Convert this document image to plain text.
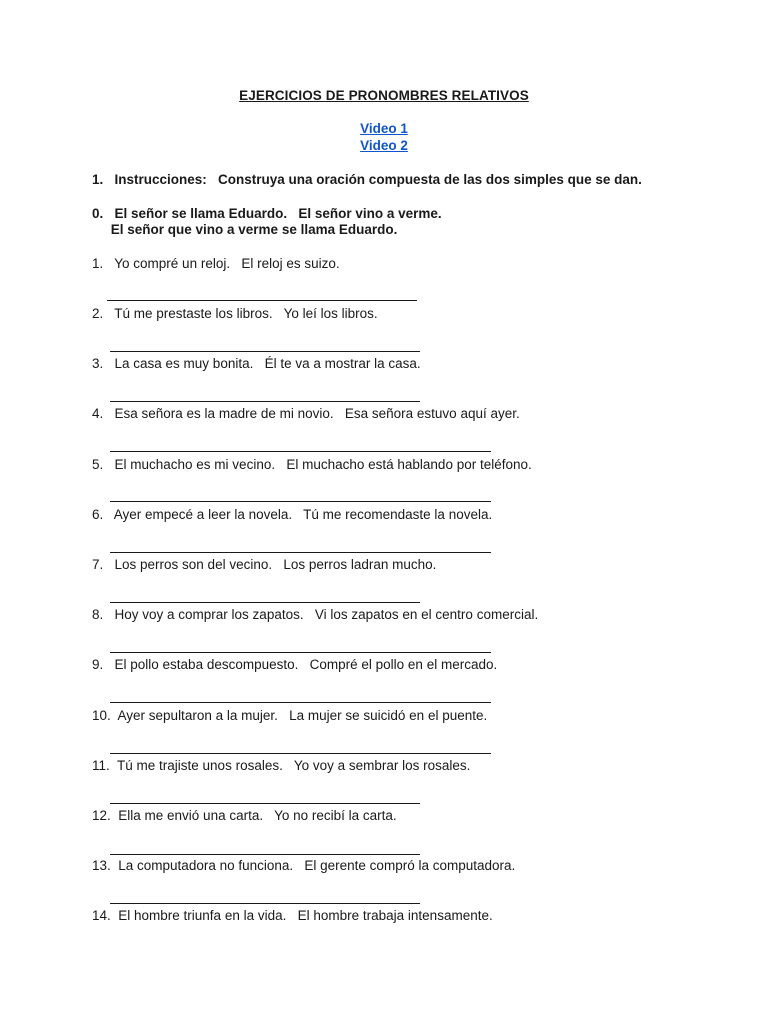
EJERCICIOS DE PRONOMBRES RELATIVOS
Video 1
Video 2
1.   Instrucciones:   Construya una oración compuesta de las dos simples que se dan.
0.   El señor se llama Eduardo.   El señor vino a verme.
El señor que vino a verme se llama Eduardo.
1.   Yo compré un reloj.   El reloj es suizo.
2.   Tú me prestaste los libros.   Yo leí los libros.
3.   La casa es muy bonita.   Él te va a mostrar la casa.
4.   Esa señora es la madre de mi novio.   Esa señora estuvo aquí ayer.
5.   El muchacho es mi vecino.   El muchacho está hablando por teléfono.
6.   Ayer empecé a leer la novela.   Tú me recomendaste la novela.
7.   Los perros son del vecino.   Los perros ladran mucho.
8.   Hoy voy a comprar los zapatos.   Vi los zapatos en el centro comercial.
9.   El pollo estaba descompuesto.   Compré el pollo en el mercado.
10.  Ayer sepultaron a la mujer.   La mujer se suicidó en el puente.
11.  Tú me trajiste unos rosales.   Yo voy a sembrar los rosales.
12.  Ella me envió una carta.   Yo no recibí la carta.
13.  La computadora no funciona.   El gerente compró la computadora.
14.  El hombre triunfa en la vida.   El hombre trabaja intensamente.
